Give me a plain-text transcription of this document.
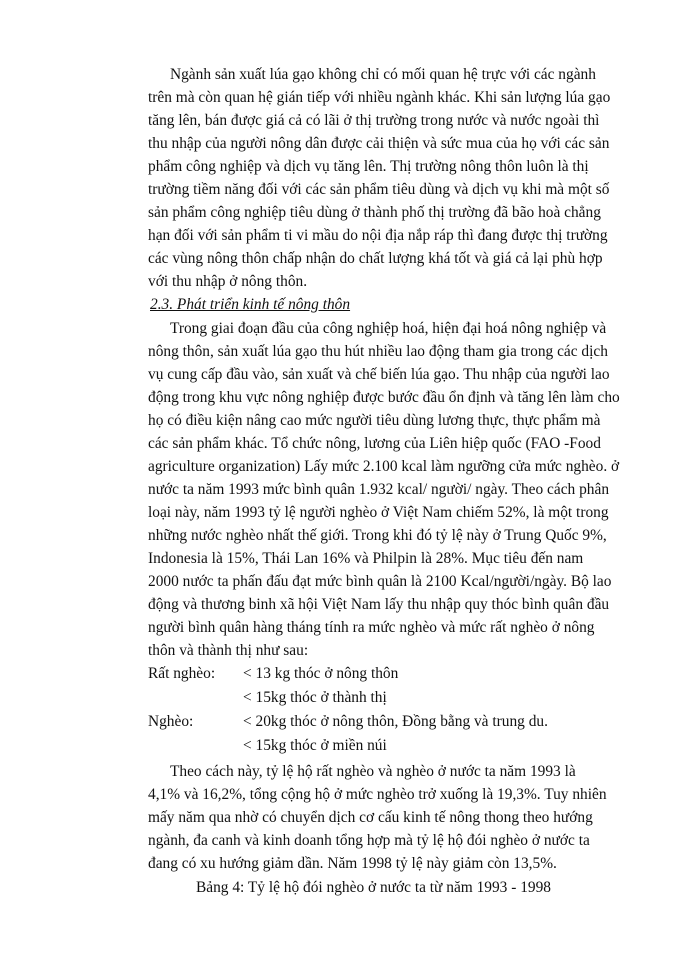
Ngành sản xuất lúa gạo không chỉ có mối quan hệ trực với các ngành
trên mà còn quan hệ gián tiếp với nhiều ngành khác. Khi sản lượng lúa gạo
tăng lên, bán được giá cả có lãi ở thị trường trong nước và nước ngoài thì
thu nhập của người nông dân được cải thiện và sức mua của họ với các sản
phẩm công nghiệp và dịch vụ tăng lên. Thị trường nông thôn luôn là thị
trường tiềm năng đối với các sản phẩm tiêu dùng và dịch vụ khi mà một số
sản phẩm công nghiệp tiêu dùng ở thành phố thị trường đã bão hoà chẳng
hạn đối với sản phẩm ti vi mầu do nội địa nắp ráp thì đang được thị trường
các vùng nông thôn chấp nhận do chất lượng khá tốt và giá cả lại phù hợp
với thu nhập ở nông thôn.
2.3. Phát triển kinh tế nông thôn
Trong giai đoạn đầu của công nghiệp hoá, hiện đại hoá nông nghiệp và
nông thôn, sản xuất lúa gạo thu hút nhiều lao động tham gia trong các dịch
vụ cung cấp đầu vào, sản xuất và chế biến lúa gạo. Thu nhập của người lao
động trong khu vực nông nghiệp được bước đầu ổn định và tăng lên làm cho
họ có điều kiện nâng cao mức người tiêu dùng lương thực, thực phẩm mà
các sản phẩm khác. Tổ chức nông, lương của Liên hiệp quốc (FAO -Food
agriculture organization) Lấy mức 2.100 kcal làm ngưỡng cửa mức nghèo. ở
nước ta năm 1993 mức bình quân 1.932 kcal/ người/ ngày. Theo cách phân
loại này, năm 1993 tỷ lệ người nghèo ở Việt Nam chiếm 52%, là một trong
những nước nghèo nhất thế giới. Trong khi đó tỷ lệ này ở Trung Quốc 9%,
Indonesia là 15%, Thái Lan 16% và Philpin là 28%. Mục tiêu đến nam
2000 nước ta phấn đấu đạt mức bình quân là 2100 Kcal/người/ngày. Bộ lao
động và thương binh xã hội Việt Nam lấy thu nhập quy thóc bình quân đầu
người bình quân hàng tháng tính ra mức nghèo và mức rất nghèo ở nông
thôn và thành thị như sau:
Rất nghèo: < 13 kg thóc ở nông thôn
< 15kg thóc ở thành thị
Nghèo:	< 20kg thóc ở nông thôn, Đồng bằng và trung du.
< 15kg thóc ở miền núi
Theo cách này, tỷ lệ hộ rất nghèo và nghèo ở nước ta năm 1993 là
4,1% và 16,2%, tổng cộng hộ ở mức nghèo trở xuống là 19,3%. Tuy nhiên
mấy năm qua nhờ có chuyển dịch cơ cấu kinh tế nông thong theo hướng
ngành, đa canh và kinh doanh tổng hợp mà tỷ lệ hộ đói nghèo ở nước ta
đang có xu hướng giảm dần. Năm 1998 tỷ lệ này giảm còn 13,5%.
Bảng 4: Tỷ lệ hộ đói nghèo ở nước ta từ năm 1993 - 1998
